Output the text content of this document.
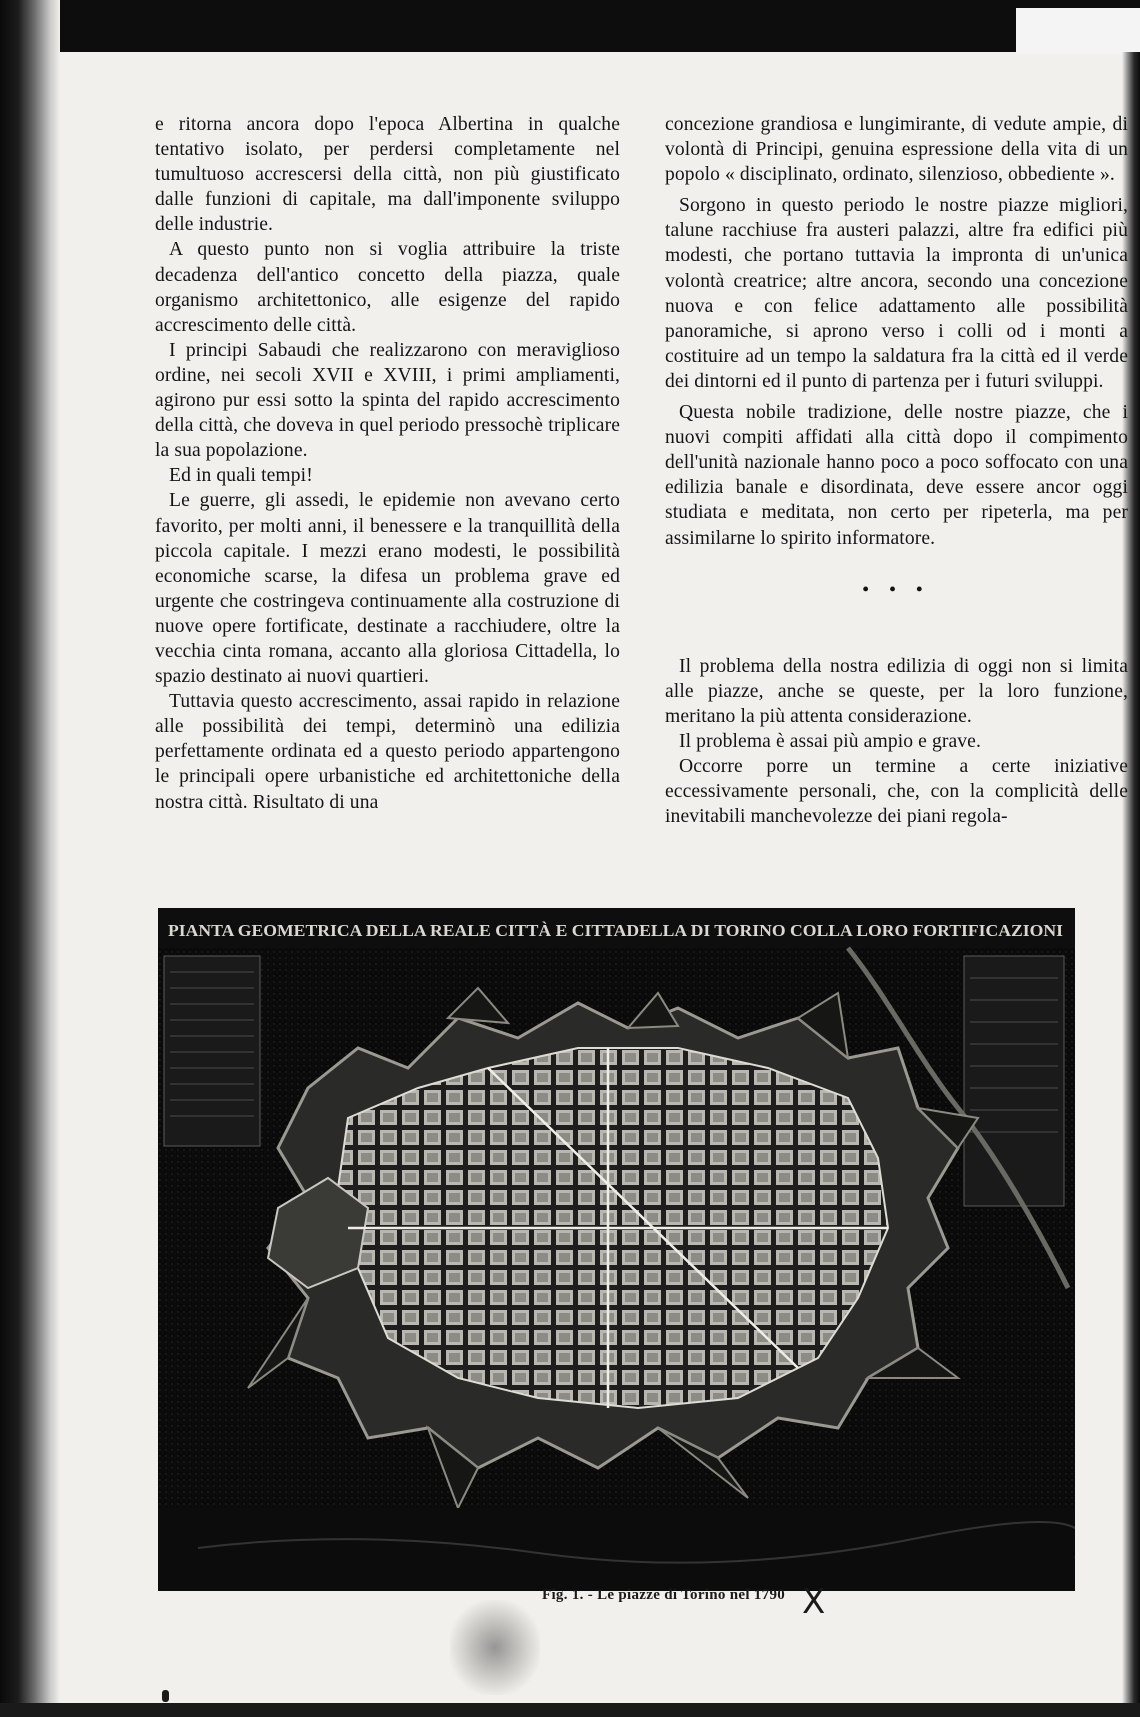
e ritorna ancora dopo l'epoca Albertina in qualche tentativo isolato, per perdersi completamente nel tumultuoso accrescersi della città, non più giustificato dalle funzioni di capitale, ma dall'imponente sviluppo delle industrie.

A questo punto non si voglia attribuire la triste decadenza dell'antico concetto della piazza, quale organismo architettonico, alle esigenze del rapido accrescimento delle città.

I principi Sabaudi che realizzarono con meraviglioso ordine, nei secoli XVII e XVIII, i primi ampliamenti, agirono pur essi sotto la spinta del rapido accrescimento della città, che doveva in quel periodo pressochè triplicare la sua popolazione.

Ed in quali tempi!

Le guerre, gli assedi, le epidemie non avevano certo favorito, per molti anni, il benessere e la tranquillità della piccola capitale. I mezzi erano modesti, le possibilità economiche scarse, la difesa un problema grave ed urgente che costringeva continuamente alla costruzione di nuove opere fortificate, destinate a racchiudere, oltre la vecchia cinta romana, accanto alla gloriosa Cittadella, lo spazio destinato ai nuovi quartieri.

Tuttavia questo accrescimento, assai rapido in relazione alle possibilità dei tempi, determinò una edilizia perfettamente ordinata ed a questo periodo appartengono le principali opere urbanistiche ed architettoniche della nostra città. Risultato di una

concezione grandiosa e lungimirante, di vedute ampie, di volontà di Principi, genuina espressione della vita di un popolo « disciplinato, ordinato, silenzioso, obbediente ».

Sorgono in questo periodo le nostre piazze migliori, talune racchiuse fra austeri palazzi, altre fra edifici più modesti, che portano tuttavia la impronta di un'unica volontà creatrice; altre ancora, secondo una concezione nuova e con felice adattamento alle possibilità panoramiche, si aprono verso i colli od i monti a costituire ad un tempo la saldatura fra la città ed il verde dei dintorni ed il punto di partenza per i futuri sviluppi.

Questa nobile tradizione, delle nostre piazze, che i nuovi compiti affidati alla città dopo il compimento dell'unità nazionale hanno poco a poco soffocato con una edilizia banale e disordinata, deve essere ancor oggi studiata e meditata, non certo per ripeterla, ma per assimilarne lo spirito informatore.

• • •

Il problema della nostra edilizia di oggi non si limita alle piazze, anche se queste, per la loro funzione, meritano la più attenta considerazione.

Il problema è assai più ampio e grave.

Occorre porre un termine a certe iniziative eccessivamente personali, che, con la complicità delle inevitabili manchevolezze dei piani regola-

PIANTA GEOMETRICA DELLA REALE CITTÀ E CITTADELLA DI TORINO COLLA LORO FORTIFICAZIONI
Fig. 1. - Le piazze di Torino nel 1790 X
